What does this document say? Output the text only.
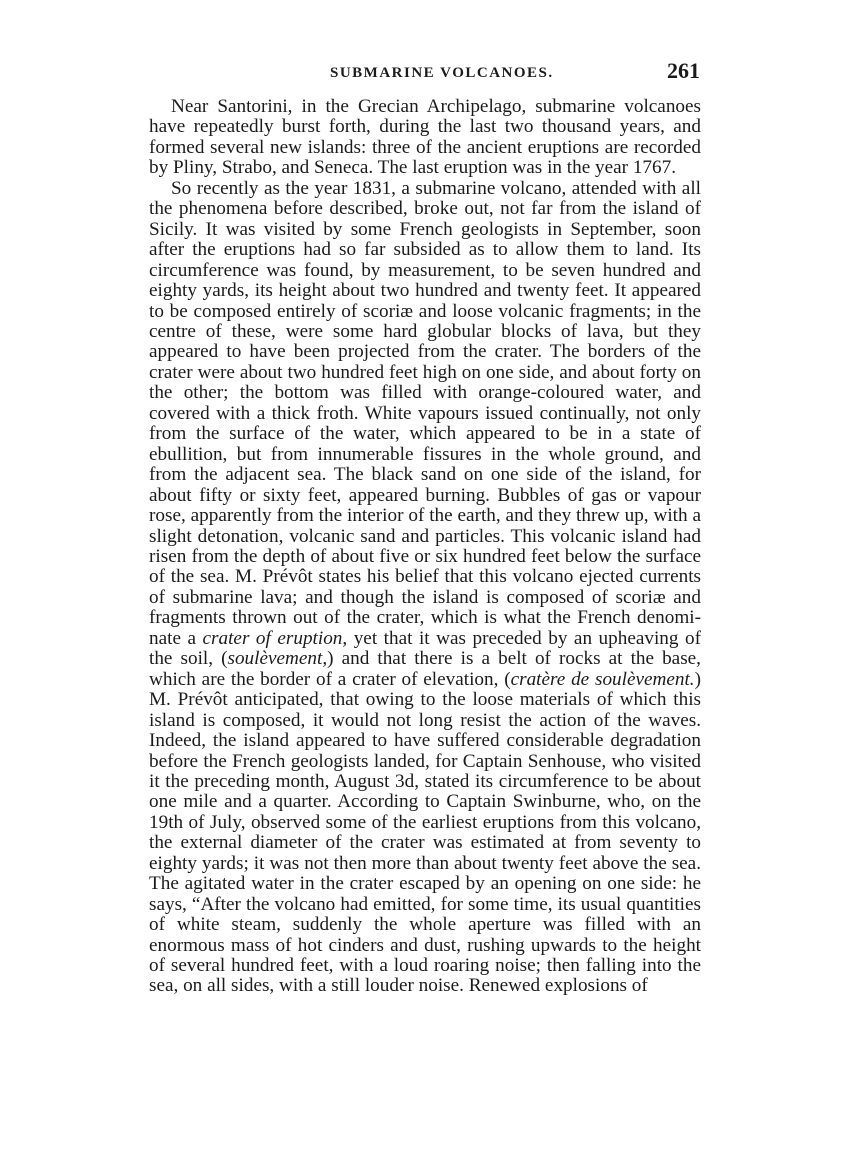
SUBMARINE VOLCANOES.	261

Near Santorini, in the Grecian Archipelago, submarine volcanoes have repeatedly burst forth, during the last two thousand years, and formed several new islands: three of the ancient eruptions are recorded by Pliny, Strabo, and Seneca. The last eruption was in the year 1767.

So recently as the year 1831, a submarine volcano, attended with all the phenomena before described, broke out, not far from the island of Sicily. It was visited by some French geologists in September, soon after the eruptions had so far subsided as to allow them to land. Its circumference was found, by measurement, to be seven hundred and eighty yards, its height about two hundred and twenty feet. It appeared to be composed entirely of scoriæ and loose volcanic fragments; in the centre of these, were some hard globular blocks of lava, but they appeared to have been projected from the crater. The borders of the crater were about two hundred feet high on one side, and about forty on the other; the bottom was filled with orange-coloured water, and covered with a thick froth. White vapours issued continually, not only from the surface of the water, which appeared to be in a state of ebullition, but from innumerable fissures in the whole ground, and from the adjacent sea. The black sand on one side of the island, for about fifty or sixty feet, appeared burning. Bubbles of gas or vapour rose, apparently from the interior of the earth, and they threw up, with a slight detonation, volcanic sand and particles. This volcanic island had risen from the depth of about five or six hundred feet below the surface of the sea. M. Prévôt states his belief that this volcano ejected currents of submarine lava; and though the island is composed of scoriæ and fragments thrown out of the crater, which is what the French denominate a crater of eruption, yet that it was preceded by an upheaving of the soil, (soulèvement,) and that there is a belt of rocks at the base, which are the border of a crater of elevation, (cratère de soulèvement.) M. Prévôt anticipated, that owing to the loose materials of which this island is composed, it would not long resist the action of the waves. Indeed, the island appeared to have suffered considerable degradation before the French geologists landed, for Captain Senhouse, who visited it the preceding month, August 3d, stated its circumference to be about one mile and a quarter. According to Captain Swinburne, who, on the 19th of July, observed some of the earliest eruptions from this volcano, the external diameter of the crater was estimated at from seventy to eighty yards; it was not then more than about twenty feet above the sea. The agitated water in the crater escaped by an opening on one side: he says, “After the volcano had emitted, for some time, its usual quantities of white steam, suddenly the whole aperture was filled with an enormous mass of hot cinders and dust, rushing upwards to the height of several hundred feet, with a loud roaring noise; then falling into the sea, on all sides, with a still louder noise. Renewed explosions of
